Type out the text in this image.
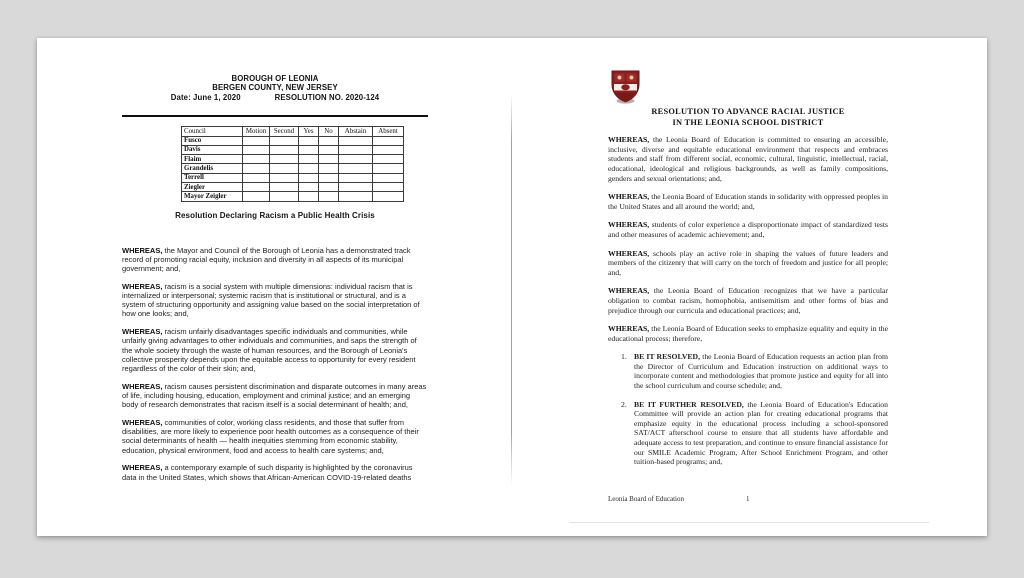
BOROUGH OF LEONIA
BERGEN COUNTY, NEW JERSEY
Date: June 1, 2020	RESOLUTION NO. 2020-124
Council	Motion	Second	Yes	No	Abstain	Absent
Fusco						
Davis						
Flaim						
Grandelis						
Terrell						
Ziegler						
Mayor Zeigler						
Resolution Declaring Racism a Public Health Crisis

WHEREAS, the Mayor and Council of the Borough of Leonia has a demonstrated track record of promoting racial equity, inclusion and diversity in all aspects of its municipal government; and,

WHEREAS, racism is a social system with multiple dimensions: individual racism that is internalized or interpersonal; systemic racism that is institutional or structural, and is a system of structuring opportunity and assigning value based on the social interpretation of how one looks; and,

WHEREAS, racism unfairly disadvantages specific individuals and communities, while unfairly giving advantages to other individuals and communities, and saps the strength of the whole society through the waste of human resources, and the Borough of Leonia's collective prosperity depends upon the equitable access to opportunity for every resident regardless of the color of their skin; and,

WHEREAS, racism causes persistent discrimination and disparate outcomes in many areas of life, including housing, education, employment and criminal justice; and an emerging body of research demonstrates that racism itself is a social determinant of health; and,

WHEREAS, communities of color, working class residents, and those that suffer from disabilities, are more likely to experience poor health outcomes as a consequence of their social determinants of health — health inequities stemming from economic stability, education, physical environment, food and access to health care systems; and,

WHEREAS, a contemporary example of such disparity is highlighted by the coronavirus data in the United States, which shows that African-American COVID-19-related deaths

RESOLUTION TO ADVANCE RACIAL JUSTICE
IN THE LEONIA SCHOOL DISTRICT

WHEREAS, the Leonia Board of Education is committed to ensuring an accessible, inclusive, diverse and equitable educational environment that respects and embraces students and staff from different social, economic, cultural, linguistic, intellectual, racial, educational, ideological and religious backgrounds, as well as family compositions, genders and sexual orientations; and,

WHEREAS, the Leonia Board of Education stands in solidarity with oppressed peoples in the United States and all around the world; and,

WHEREAS, students of color experience a disproportionate impact of standardized tests and other measures of academic achievement; and,

WHEREAS, schools play an active role in shaping the values of future leaders and members of the citizenry that will carry on the torch of freedom and justice for all people; and,

WHEREAS, the Leonia Board of Education recognizes that we have a particular obligation to combat racism, homophobia, antisemitism and other forms of bias and prejudice through our curricula and educational practices; and,

WHEREAS, the Leonia Board of Education seeks to emphasize equality and equity in the educational process; therefore,

1. BE IT RESOLVED, the Leonia Board of Education requests an action plan from the Director of Curriculum and Education instruction on additional ways to incorporate content and methodologies that promote justice and equity for all into the school curriculum and course schedule; and,
2. BE IT FURTHER RESOLVED, the Leonia Board of Education's Education Committee will provide an action plan for creating educational programs that emphasize equity in the educational process including a school-sponsored SAT/ACT afterschool course to ensure that all students have affordable and adequate access to test preparation, and continue to ensure financial assistance for our SMILE Academic Program, After School Enrichment Program, and other tuition-based programs; and,
Leonia Board of Education	1
